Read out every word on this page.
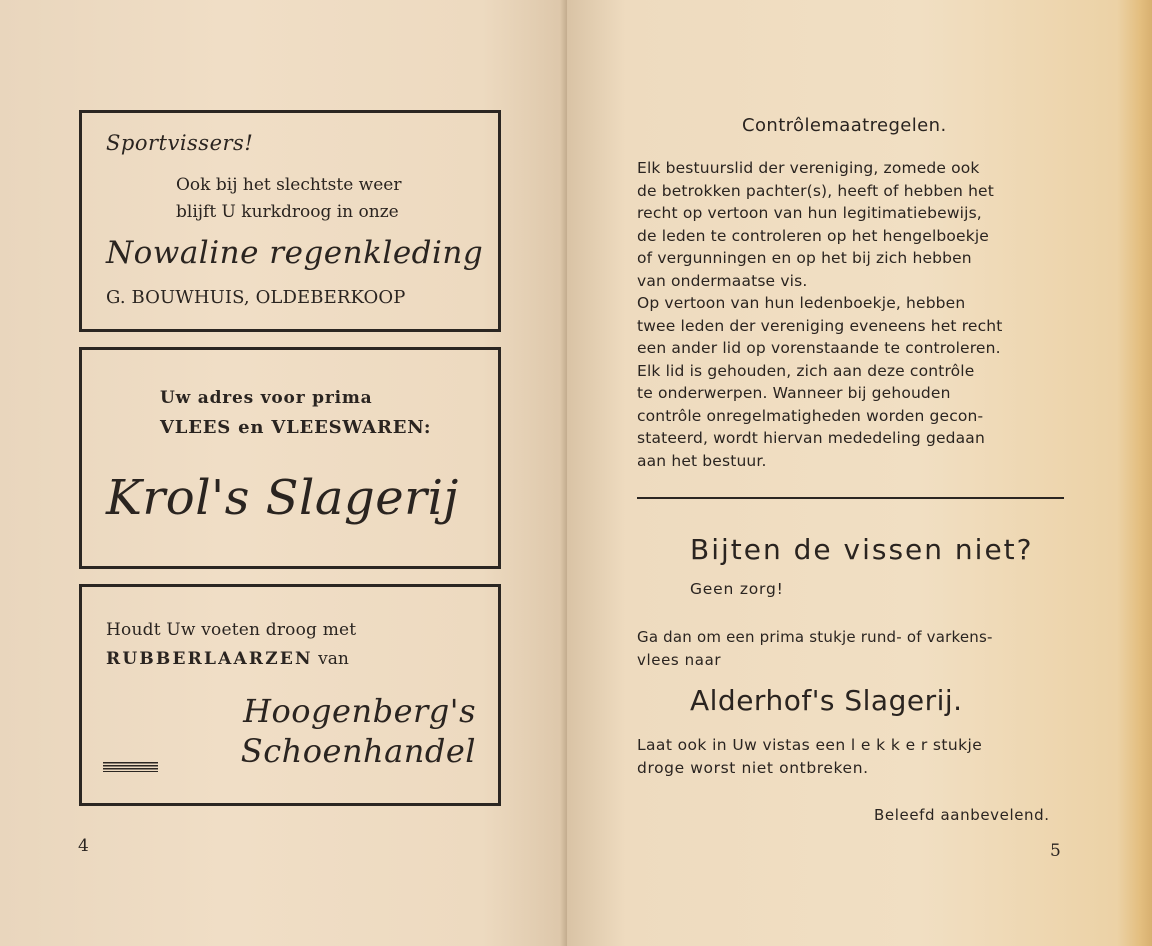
Sportvissers!
Ook bij het slechtste weer
blijft U kurkdroog in onze
Nowaline regenkleding
G. BOUWHUIS, OLDEBERKOOP
Uw adres voor prima
VLEES en VLEESWAREN:
Krol's Slagerij
Houdt Uw voeten droog met
RUBBERLAARZEN van
Hoogenberg's
Schoenhandel
4
Contrôlemaatregelen.
Elk bestuurslid der vereniging, zomede ook
de betrokken pachter(s), heeft of hebben het
recht op vertoon van hun legitimatiebewijs,
de leden te controleren op het hengelboekje
of vergunningen en op het bij zich hebben
van ondermaatse vis.
Op vertoon van hun ledenboekje, hebben
twee leden der vereniging eveneens het recht
een ander lid op vorenstaande te controleren.
Elk lid is gehouden, zich aan deze contrôle
te onderwerpen. Wanneer bij gehouden
contrôle onregelmatigheden worden gecon-
stateerd, wordt hiervan mededeling gedaan
aan het bestuur.
Bijten de vissen niet?
Geen zorg!
Ga dan om een prima stukje rund- of varkens-
vlees naar
Alderhof's Slagerij.
Laat ook in Uw vistas een l e k k e r stukje
droge worst niet ontbreken.
Beleefd aanbevelend.
5
